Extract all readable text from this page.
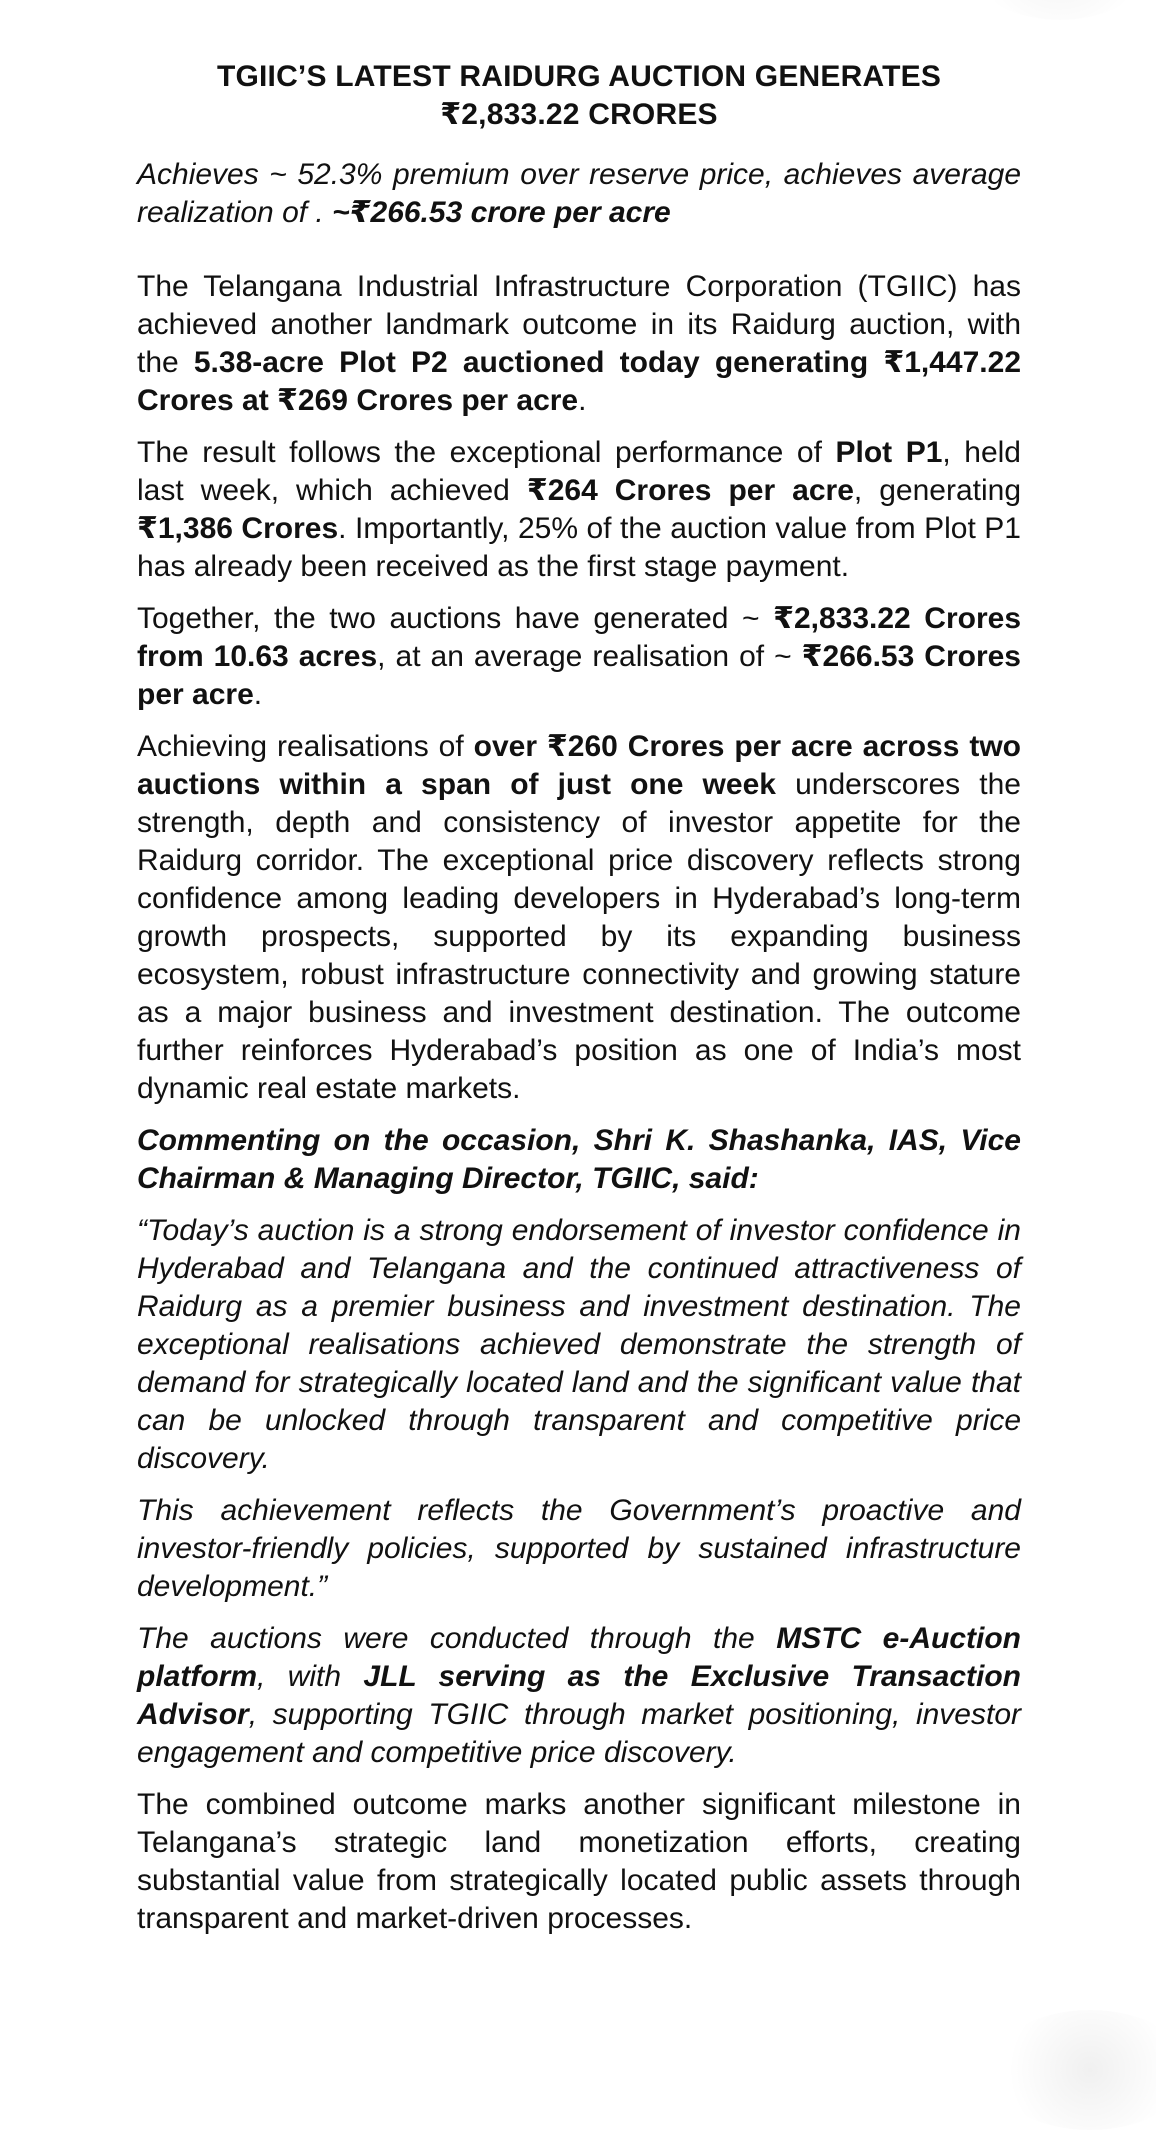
TGIIC’S LATEST RAIDURG AUCTION GENERATES
₹2,833.22 CRORES

Achieves ~ 52.3% premium over reserve price, achieves average realization of . ~₹266.53 crore per acre

The Telangana Industrial Infrastructure Corporation (TGIIC) has achieved another landmark outcome in its Raidurg auction, with the 5.38-acre Plot P2 auctioned today generating ₹1,447.22 Crores at ₹269 Crores per acre.

The result follows the exceptional performance of Plot P1, held last week, which achieved ₹264 Crores per acre, generating ₹1,386 Crores. Importantly, 25% of the auction value from Plot P1 has already been received as the first stage payment.

Together, the two auctions have generated ~ ₹2,833.22 Crores from 10.63 acres, at an average realisation of ~ ₹266.53 Crores per acre.

Achieving realisations of over ₹260 Crores per acre across two auctions within a span of just one week underscores the strength, depth and consistency of investor appetite for the Raidurg corridor. The exceptional price discovery reflects strong confidence among leading developers in Hyderabad’s long-term growth prospects, supported by its expanding business ecosystem, robust infrastructure connectivity and growing stature as a major business and investment destination. The outcome further reinforces Hyderabad’s position as one of India’s most dynamic real estate markets.

Commenting on the occasion, Shri K. Shashanka, IAS, Vice Chairman & Managing Director, TGIIC, said:

“Today’s auction is a strong endorsement of investor confidence in Hyderabad and Telangana and the continued attractiveness of Raidurg as a premier business and investment destination. The exceptional realisations achieved demonstrate the strength of demand for strategically located land and the significant value that can be unlocked through transparent and competitive price discovery.

This achievement reflects the Government’s proactive and investor-friendly policies, supported by sustained infrastructure development.”

The auctions were conducted through the MSTC e-Auction platform, with JLL serving as the Exclusive Transaction Advisor, supporting TGIIC through market positioning, investor engagement and competitive price discovery.

The combined outcome marks another significant milestone in Telangana’s strategic land monetization efforts, creating substantial value from strategically located public assets through transparent and market-driven processes.
